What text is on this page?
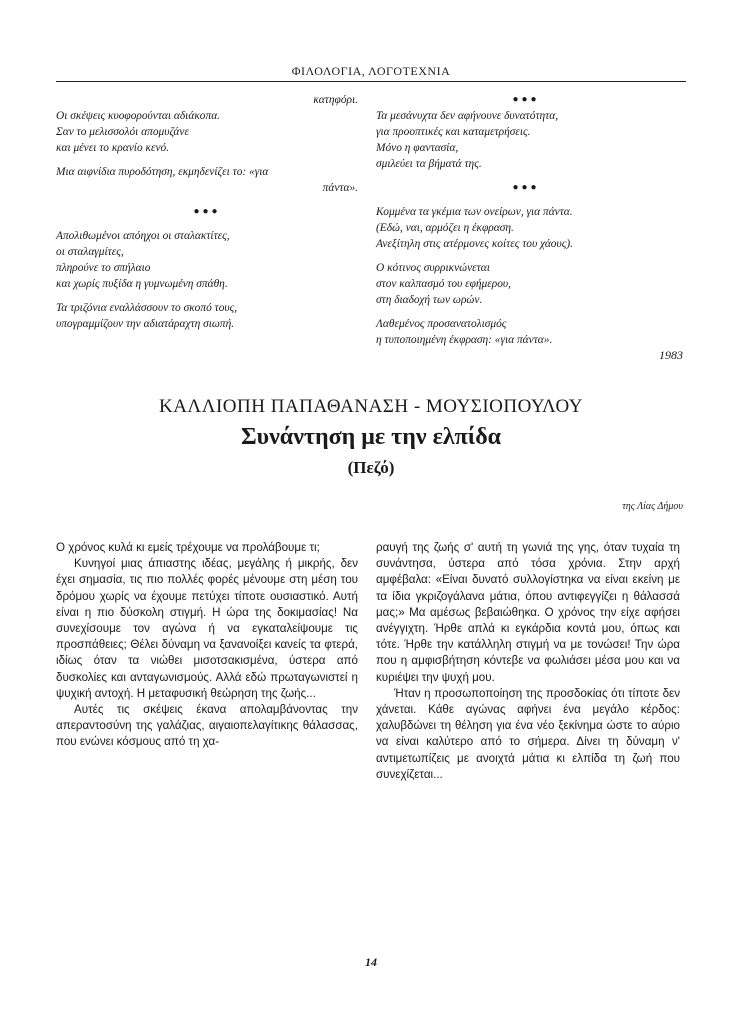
ΦΙΛΟΛΟΓΙΑ, ΛΟΓΟΤΕΧΝΙΑ

κατηφόρι.

Οι σκέψεις κυοφορούνται αδιάκοπα.

Σαν το μελισσολόι απομυζάνε

και μένει το κρανίο κενό.

Μια αιφνίδια πυροδότηση, εκμηδενίζει το: «για

πάντα».

●●●

Απολιθωμένοι απόηχοι οι σταλακτίτες,

οι σταλαγμίτες,

πληρούνε το σπήλαιο

και χωρίς πυξίδα η γυμνωμένη σπάθη.

Τα τριζόνια εναλλάσσουν το σκοπό τους,

υπογραμμίζουν την αδιατάραχτη σιωπή.

●●●

Τα μεσάνυχτα δεν αφήνουνε δυνατότητα,

για προοπτικές και καταμετρήσεις.

Μόνο η φαντασία,

σμιλεύει τα βήματά της.

●●●

Κομμένα τα γκέμια των ονείρων, για πάντα.

(Εδώ, ναι, αρμόζει η έκφραση.

Ανεξίτηλη στις ατέρμονες κοίτες του χάους).

Ο κότινος συρρικνώνεται

στον καλπασμό του εφήμερου,

στη διαδοχή των ωρών.

Λαθεμένος προσανατολισμός

η τυποποιημένη έκφραση: «για πάντα».

1983
ΚΑΛΛΙΟΠΗ ΠΑΠΑΘΑΝΑΣΗ - ΜΟΥΣΙΟΠΟΥΛΟΥ
Συνάντηση με την ελπίδα
(Πεζό)
της Λίας Δήμου

Ο χρόνος κυλά κι εμείς τρέχουμε να προλάβουμε τι;

Κυνηγοί μιας άπιαστης ιδέας, μεγάλης ή μικρής, δεν έχει σημασία, τις πιο πολλές φορές μένουμε στη μέση του δρόμου χωρίς να έχουμε πετύχει τίποτε ουσιαστικό. Αυτή είναι η πιο δύσκολη στιγμή. Η ώρα της δοκιμασίας! Να συνεχίσουμε τον αγώνα ή να εγκαταλείψουμε τις προσπάθειες; Θέλει δύναμη να ξανανοίξει κανείς τα φτερά, ιδίως όταν τα νιώθει μισοτσακισμένα, ύστερα από δυσκολίες και ανταγωνισμούς. Αλλά εδώ πρωταγωνιστεί η ψυχική αντοχή. Η μεταφυσική θεώρηση της ζωής...

Αυτές τις σκέψεις έκανα απολαμβάνοντας την απεραντοσύνη της γαλάζιας, αιγαιοπελαγίτικης θάλασσας, που ενώνει κόσμους από τη χα-

ραυγή της ζωής σ' αυτή τη γωνιά της γης, όταν τυχαία τη συνάντησα, ύστερα από τόσα χρόνια. Στην αρχή αμφέβαλα: «Είναι δυνατό συλλογίστηκα να είναι εκείνη με τα ίδια γκριζογάλανα μάτια, όπου αντιφεγγίζει η θάλασσά μας;» Μα αμέσως βεβαιώθηκα. Ο χρόνος την είχε αφήσει ανέγγιχτη. Ήρθε απλά κι εγκάρδια κοντά μου, όπως και τότε. Ήρθε την κατάλληλη στιγμή να με τονώσει! Την ώρα που η αμφισβήτηση κόντεβε να φωλιάσει μέσα μου και να κυριέψει την ψυχή μου.

Ήταν η προσωποποίηση της προσδοκίας ότι τίποτε δεν χάνεται. Κάθε αγώνας αφήνει ένα μεγάλο κέρδος: χαλυβδώνει τη θέληση για ένα νέο ξεκίνημα ώστε το αύριο να είναι καλύτερο από το σήμερα. Δίνει τη δύναμη ν' αντιμετωπίζεις με ανοιχτά μάτια κι ελπίδα τη ζωή που συνεχίζεται...

14
